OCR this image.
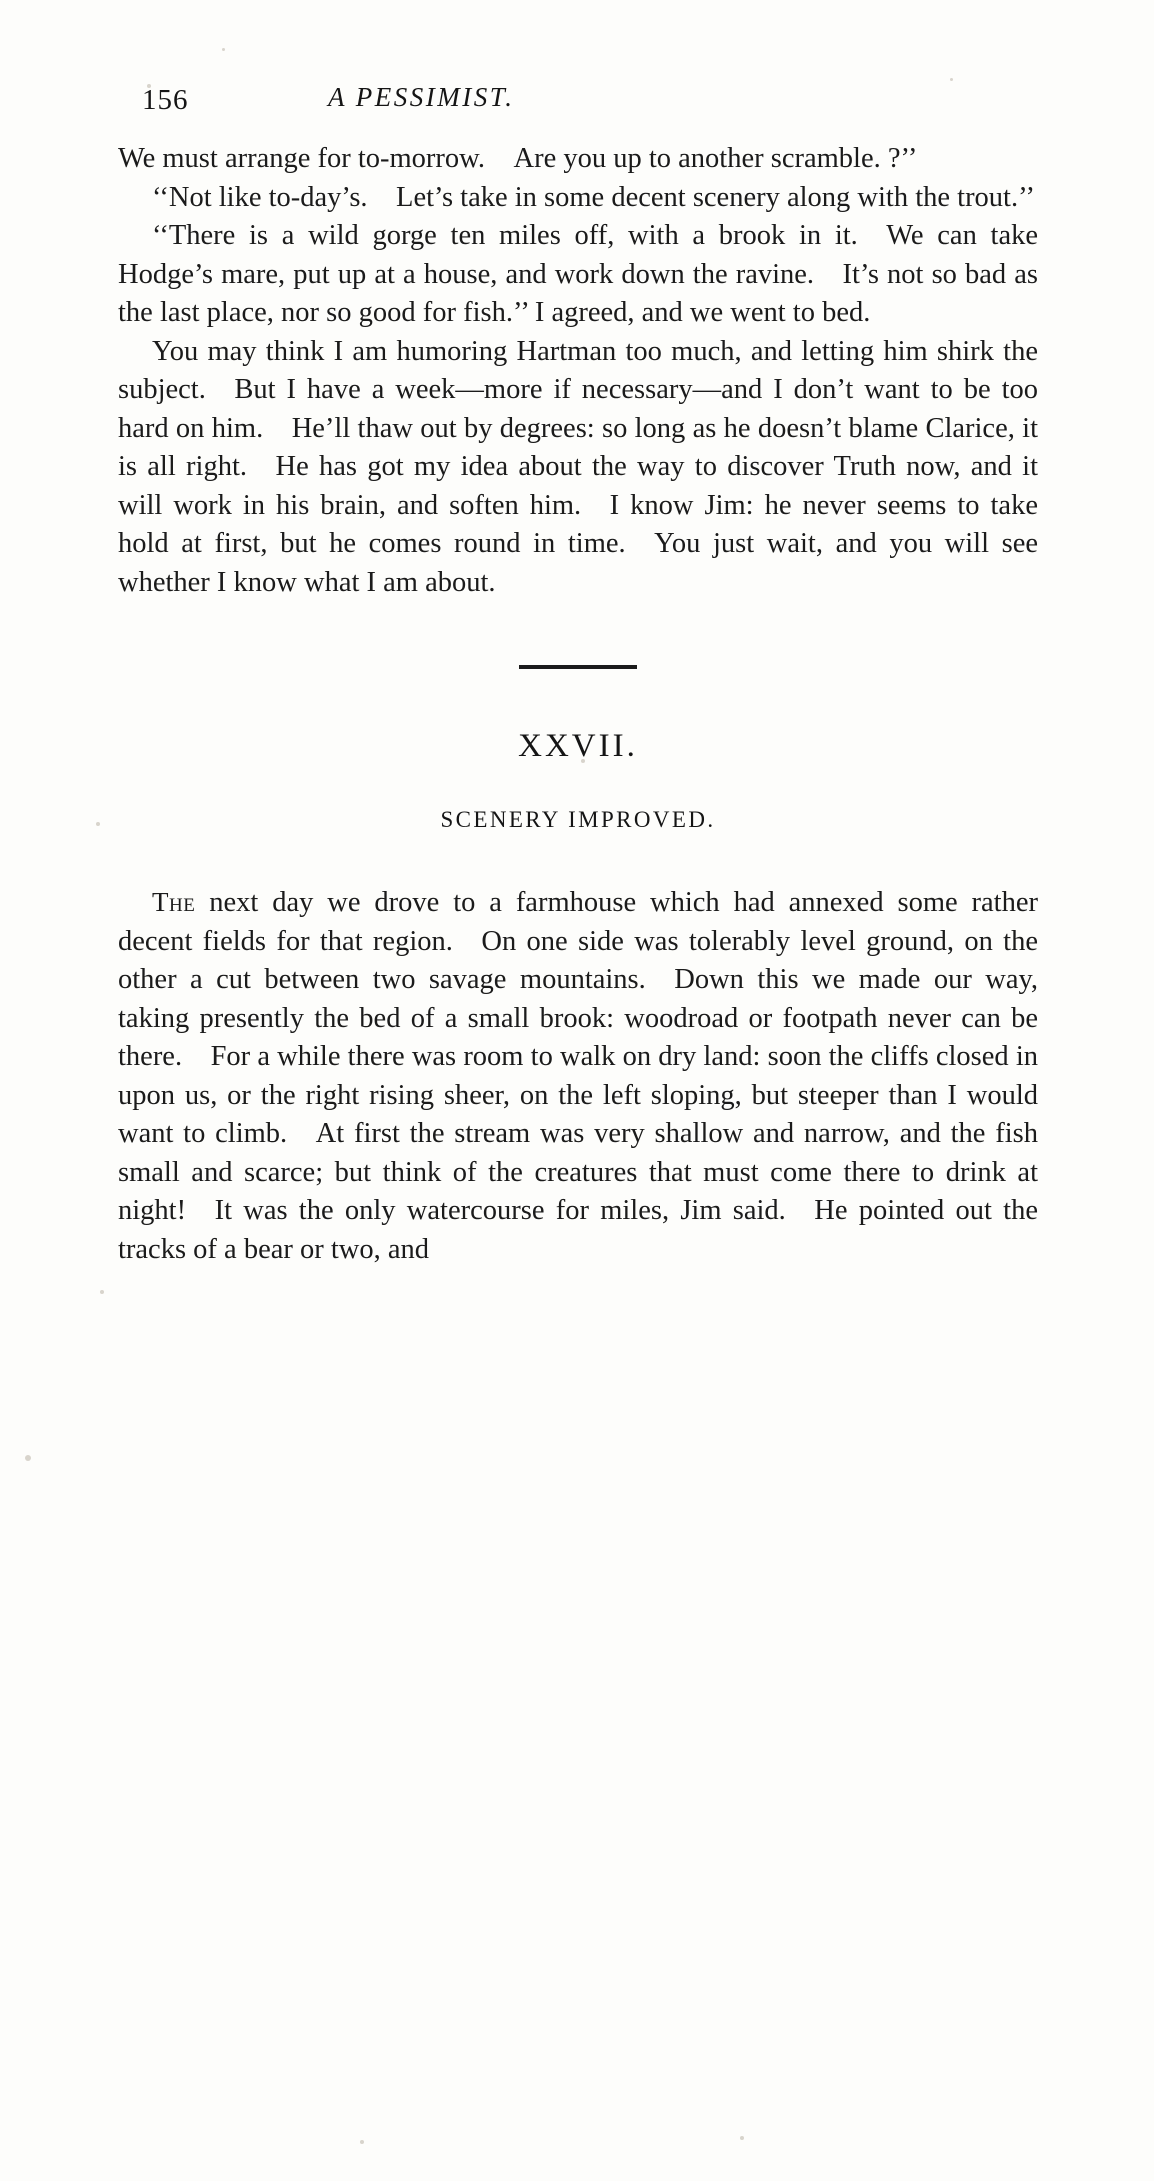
156	A PESSIMIST.

We must arrange for to-morrow. Are you up to another scramble. ?’’

‘‘Not like to-day’s. Let’s take in some decent scenery along with the trout.’’

‘‘There is a wild gorge ten miles off, with a brook in it. We can take Hodge’s mare, put up at a house, and work down the ravine. It’s not so bad as the last place, nor so good for fish.’’ I agreed, and we went to bed.

You may think I am humoring Hartman too much, and letting him shirk the subject. But I have a week—more if necessary—and I don’t want to be too hard on him. He’ll thaw out by degrees: so long as he doesn’t blame Clarice, it is all right. He has got my idea about the way to discover Truth now, and it will work in his brain, and soften him. I know Jim: he never seems to take hold at first, but he comes round in time. You just wait, and you will see whether I know what I am about.

XXVII.
SCENERY IMPROVED.

The next day we drove to a farmhouse which had annexed some rather decent fields for that region. On one side was tolerably level ground, on the other a cut between two savage mountains. Down this we made our way, taking presently the bed of a small brook: woodroad or footpath never can be there. For a while there was room to walk on dry land: soon the cliffs closed in upon us, or the right rising sheer, on the left sloping, but steeper than I would want to climb. At first the stream was very shallow and narrow, and the fish small and scarce; but think of the creatures that must come there to drink at night! It was the only watercourse for miles, Jim said. He pointed out the tracks of a bear or two, and
